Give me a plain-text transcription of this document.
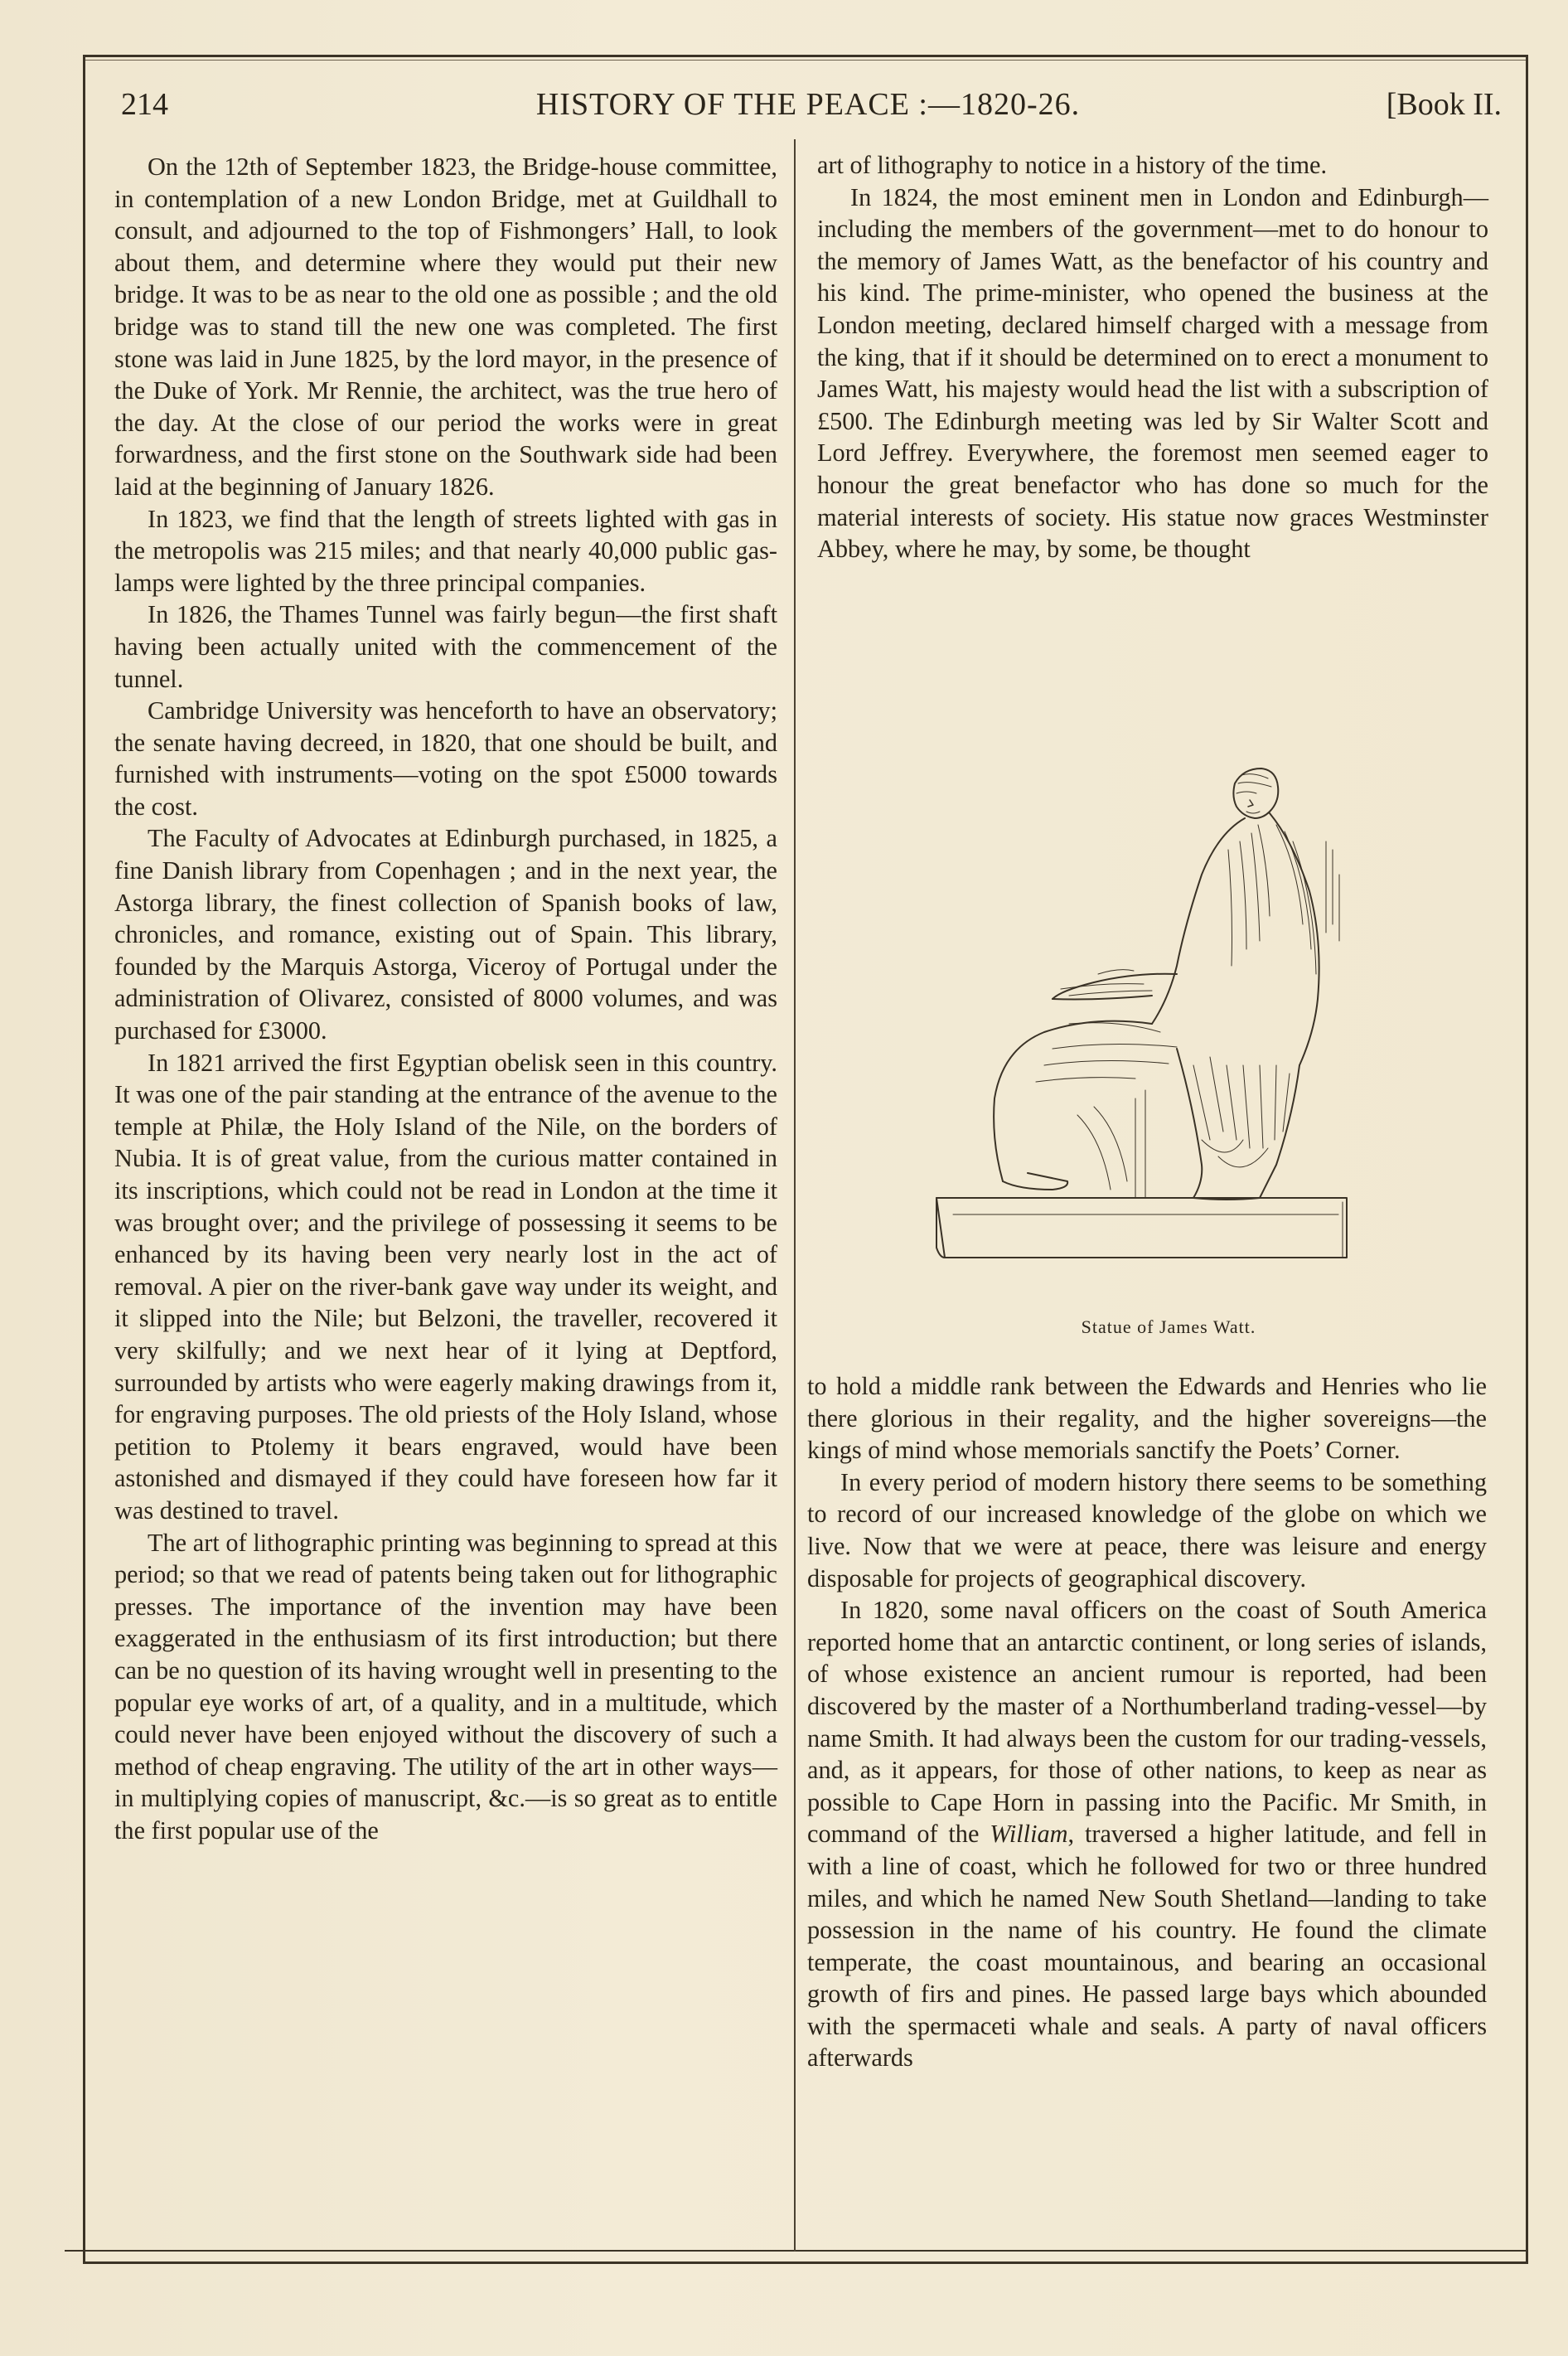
214	HISTORY OF THE PEACE :—1820-26.	[Book II.

On the 12th of September 1823, the Bridge-house committee, in contemplation of a new London Bridge, met at Guildhall to consult, and adjourned to the top of Fishmongers’ Hall, to look about them, and determine where they would put their new bridge. It was to be as near to the old one as possible ; and the old bridge was to stand till the new one was completed. The first stone was laid in June 1825, by the lord mayor, in the presence of the Duke of York. Mr Rennie, the architect, was the true hero of the day. At the close of our period the works were in great forwardness, and the first stone on the Southwark side had been laid at the beginning of January 1826.

In 1823, we find that the length of streets lighted with gas in the metropolis was 215 miles; and that nearly 40,000 public gas-lamps were lighted by the three principal companies.

In 1826, the Thames Tunnel was fairly begun—the first shaft having been actually united with the commencement of the tunnel.

Cambridge University was henceforth to have an observatory; the senate having decreed, in 1820, that one should be built, and furnished with instruments—voting on the spot £5000 towards the cost.

The Faculty of Advocates at Edinburgh purchased, in 1825, a fine Danish library from Copenhagen ; and in the next year, the Astorga library, the finest collection of Spanish books of law, chronicles, and romance, existing out of Spain. This library, founded by the Marquis Astorga, Viceroy of Portugal under the administration of Olivarez, consisted of 8000 volumes, and was purchased for £3000.

In 1821 arrived the first Egyptian obelisk seen in this country. It was one of the pair standing at the entrance of the avenue to the temple at Philæ, the Holy Island of the Nile, on the borders of Nubia. It is of great value, from the curious matter contained in its inscriptions, which could not be read in London at the time it was brought over; and the privilege of possessing it seems to be enhanced by its having been very nearly lost in the act of removal. A pier on the river-bank gave way under its weight, and it slipped into the Nile; but Belzoni, the traveller, recovered it very skilfully; and we next hear of it lying at Deptford, surrounded by artists who were eagerly making drawings from it, for engraving purposes. The old priests of the Holy Island, whose petition to Ptolemy it bears engraved, would have been astonished and dismayed if they could have foreseen how far it was destined to travel.

The art of lithographic printing was beginning to spread at this period; so that we read of patents being taken out for lithographic presses. The importance of the invention may have been exaggerated in the enthusiasm of its first introduction; but there can be no question of its having wrought well in presenting to the popular eye works of art, of a quality, and in a multitude, which could never have been enjoyed without the discovery of such a method of cheap engraving. The utility of the art in other ways—in multiplying copies of manuscript, &c.—is so great as to entitle the first popular use of the

art of lithography to notice in a history of the time.

In 1824, the most eminent men in London and Edinburgh—including the members of the government—met to do honour to the memory of James Watt, as the benefactor of his country and his kind. The prime-minister, who opened the business at the London meeting, declared himself charged with a message from the king, that if it should be determined on to erect a monument to James Watt, his majesty would head the list with a subscription of £500. The Edinburgh meeting was led by Sir Walter Scott and Lord Jeffrey. Everywhere, the foremost men seemed eager to honour the great benefactor who has done so much for the material interests of society. His statue now graces Westminster Abbey, where he may, by some, be thought

Statue of James Watt.

to hold a middle rank between the Edwards and Henries who lie there glorious in their regality, and the higher sovereigns—the kings of mind whose memorials sanctify the Poets’ Corner.

In every period of modern history there seems to be something to record of our increased knowledge of the globe on which we live. Now that we were at peace, there was leisure and energy disposable for projects of geographical discovery.

In 1820, some naval officers on the coast of South America reported home that an antarctic continent, or long series of islands, of whose existence an ancient rumour is reported, had been discovered by the master of a Northumberland trading-vessel—by name Smith. It had always been the custom for our trading-vessels, and, as it appears, for those of other nations, to keep as near as possible to Cape Horn in passing into the Pacific. Mr Smith, in command of the William, traversed a higher latitude, and fell in with a line of coast, which he followed for two or three hundred miles, and which he named New South Shetland—landing to take possession in the name of his country. He found the climate temperate, the coast mountainous, and bearing an occasional growth of firs and pines. He passed large bays which abounded with the spermaceti whale and seals. A party of naval officers afterwards
